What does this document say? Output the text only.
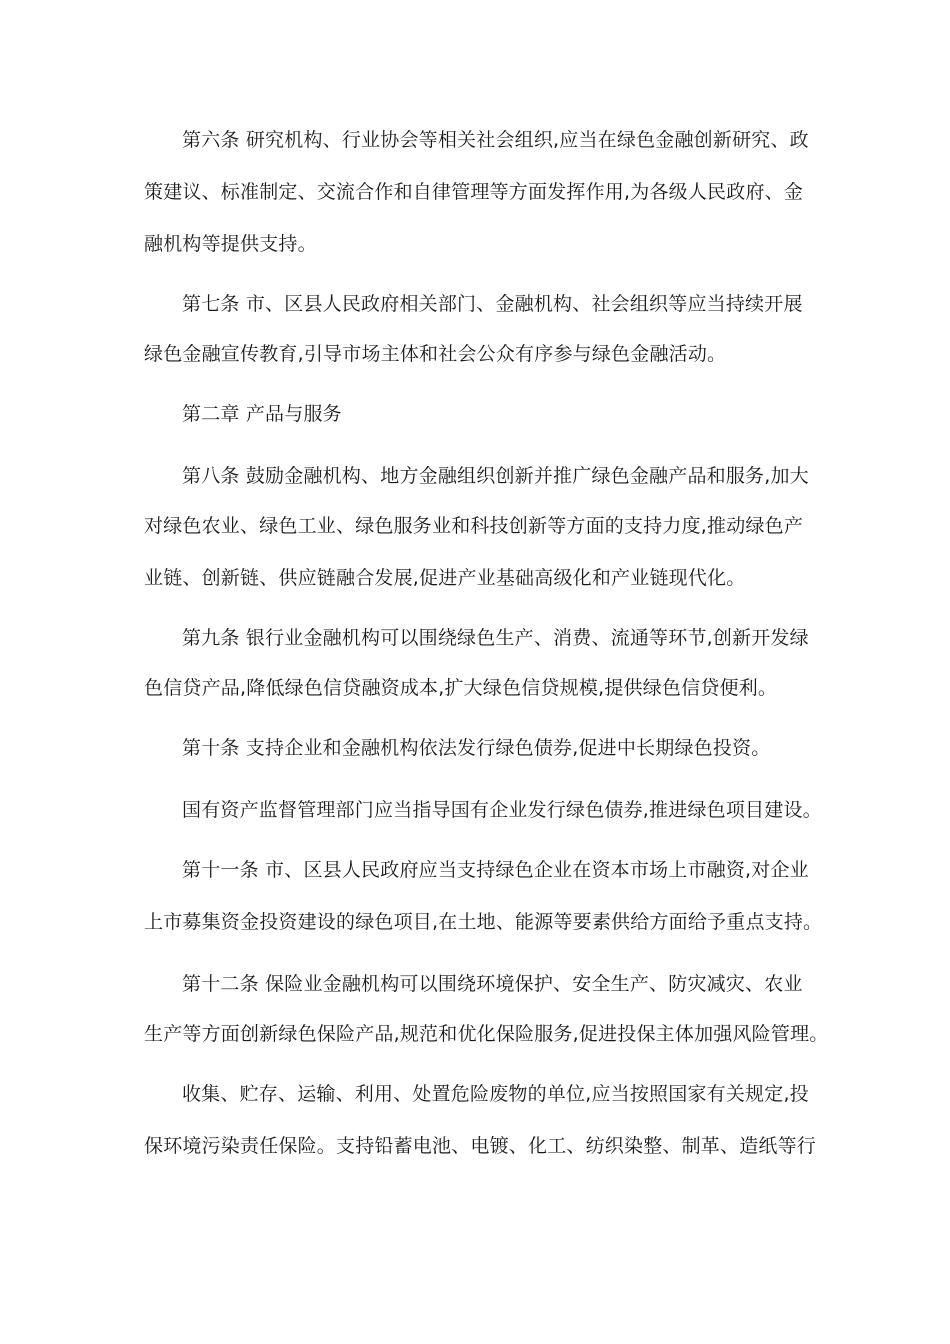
第六条 研究机构、行业协会等相关社会组织,应当在绿色金融创新研究、政
策建议、标准制定、交流合作和自律管理等方面发挥作用,为各级人民政府、金
融机构等提供支持。
第七条 市、区县人民政府相关部门、金融机构、社会组织等应当持续开展
绿色金融宣传教育,引导市场主体和社会公众有序参与绿色金融活动。
第二章 产品与服务
第八条 鼓励金融机构、地方金融组织创新并推广绿色金融产品和服务,加大
对绿色农业、绿色工业、绿色服务业和科技创新等方面的支持力度,推动绿色产
业链、创新链、供应链融合发展,促进产业基础高级化和产业链现代化。
第九条 银行业金融机构可以围绕绿色生产、消费、流通等环节,创新开发绿
色信贷产品,降低绿色信贷融资成本,扩大绿色信贷规模,提供绿色信贷便利。
第十条 支持企业和金融机构依法发行绿色债券,促进中长期绿色投资。
国有资产监督管理部门应当指导国有企业发行绿色债券,推进绿色项目建设。
第十一条 市、区县人民政府应当支持绿色企业在资本市场上市融资,对企业
上市募集资金投资建设的绿色项目,在土地、能源等要素供给方面给予重点支持。
第十二条 保险业金融机构可以围绕环境保护、安全生产、防灾减灾、农业
生产等方面创新绿色保险产品,规范和优化保险服务,促进投保主体加强风险管理。
收集、贮存、运输、利用、处置危险废物的单位,应当按照国家有关规定,投
保环境污染责任保险。支持铅蓄电池、电镀、化工、纺织染整、制革、造纸等行
